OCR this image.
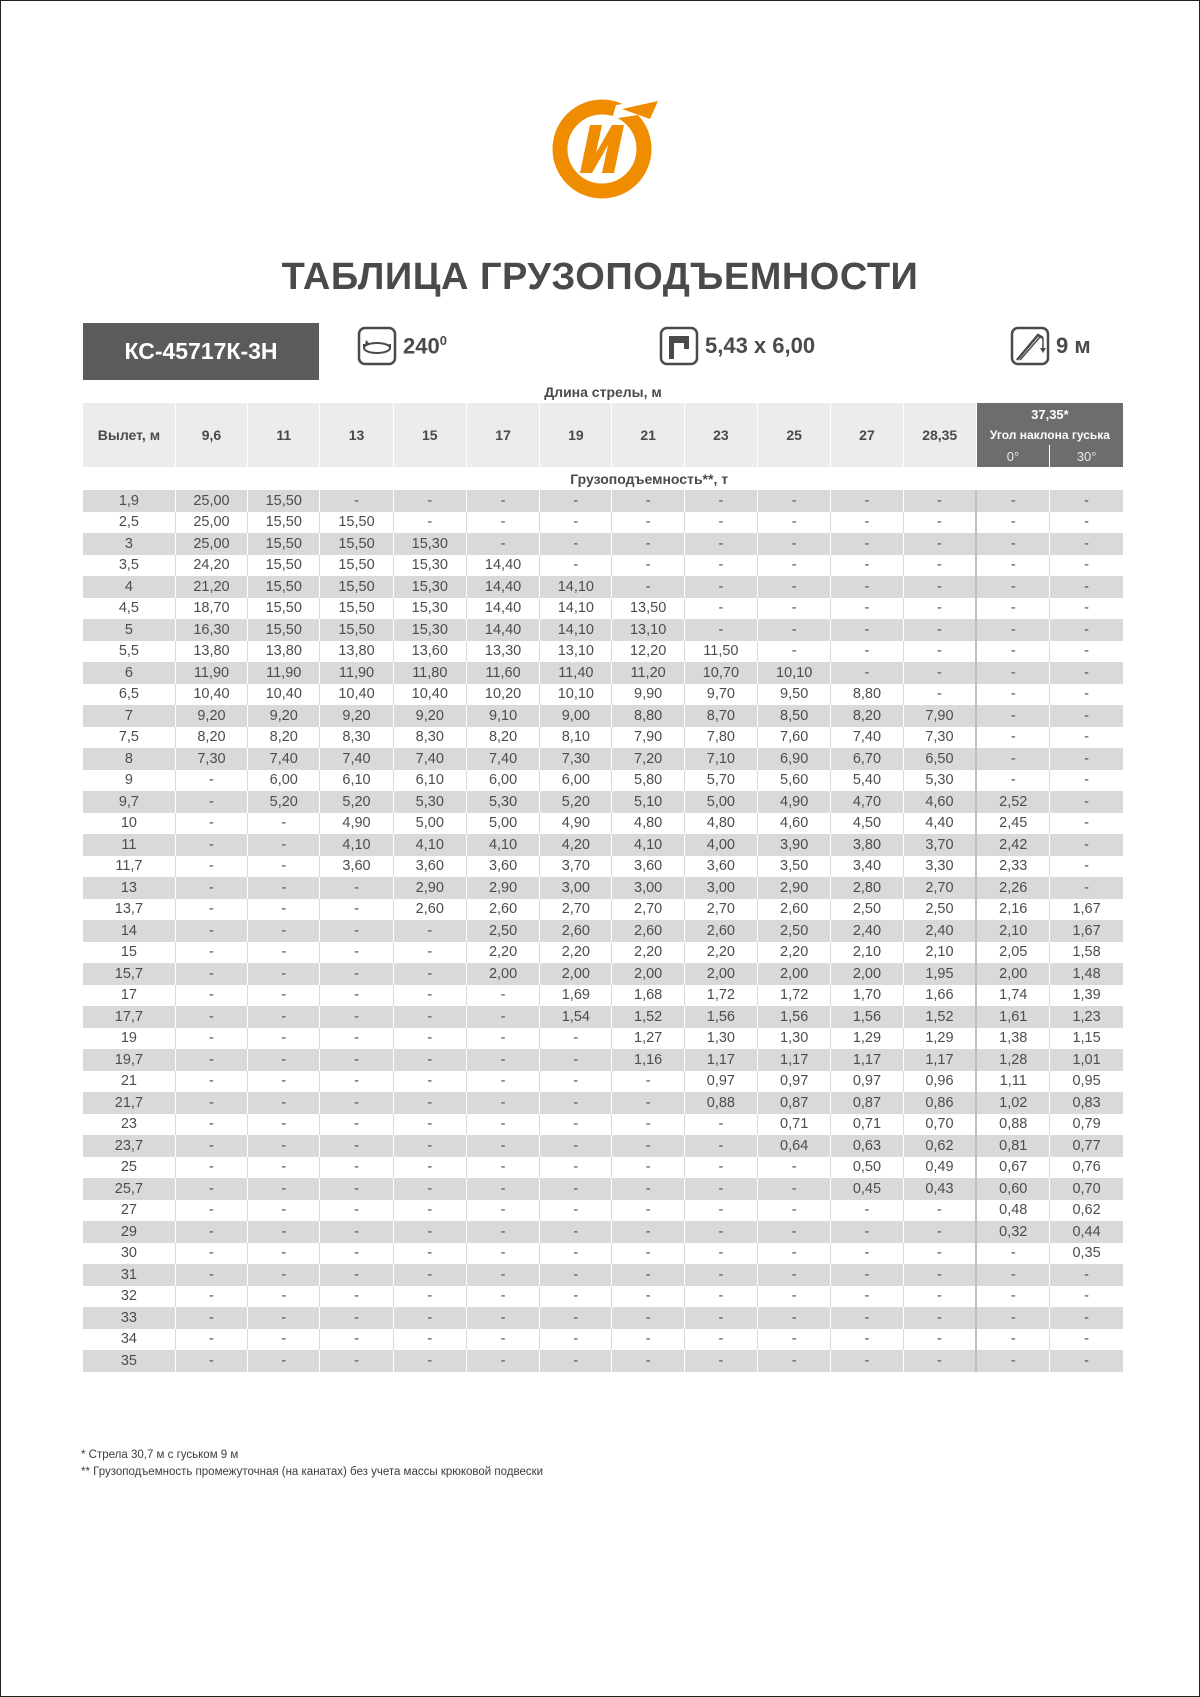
ТАБЛИЦА ГРУЗОПОДЪЕМНОСТИ
КС-45717К-3Н	$240^0$	5,43 х 6,00	9 м
Длина стрелы, м
Вылет, м	9,6	11	13	15	17	19	21	23	25	27	28,35	37,35*	
												Угол наклона гуська	
												0°	30°
	Грузоподъемность**, т												
1,9	25,00	15,50	-	-	-	-	-	-	-	-	-	-	-
2,5	25,00	15,50	15,50	-	-	-	-	-	-	-	-	-	-
3	25,00	15,50	15,50	15,30	-	-	-	-	-	-	-	-	-
3,5	24,20	15,50	15,50	15,30	14,40	-	-	-	-	-	-	-	-
4	21,20	15,50	15,50	15,30	14,40	14,10	-	-	-	-	-	-	-
4,5	18,70	15,50	15,50	15,30	14,40	14,10	13,50	-	-	-	-	-	-
5	16,30	15,50	15,50	15,30	14,40	14,10	13,10	-	-	-	-	-	-
5,5	13,80	13,80	13,80	13,60	13,30	13,10	12,20	11,50	-	-	-	-	-
6	11,90	11,90	11,90	11,80	11,60	11,40	11,20	10,70	10,10	-	-	-	-
6,5	10,40	10,40	10,40	10,40	10,20	10,10	9,90	9,70	9,50	8,80	-	-	-
7	9,20	9,20	9,20	9,20	9,10	9,00	8,80	8,70	8,50	8,20	7,90	-	-
7,5	8,20	8,20	8,30	8,30	8,20	8,10	7,90	7,80	7,60	7,40	7,30	-	-
8	7,30	7,40	7,40	7,40	7,40	7,30	7,20	7,10	6,90	6,70	6,50	-	-
9	-	6,00	6,10	6,10	6,00	6,00	5,80	5,70	5,60	5,40	5,30	-	-
9,7	-	5,20	5,20	5,30	5,30	5,20	5,10	5,00	4,90	4,70	4,60	2,52	-
10	-	-	4,90	5,00	5,00	4,90	4,80	4,80	4,60	4,50	4,40	2,45	-
11	-	-	4,10	4,10	4,10	4,20	4,10	4,00	3,90	3,80	3,70	2,42	-
11,7	-	-	3,60	3,60	3,60	3,70	3,60	3,60	3,50	3,40	3,30	2,33	-
13	-	-	-	2,90	2,90	3,00	3,00	3,00	2,90	2,80	2,70	2,26	-
13,7	-	-	-	2,60	2,60	2,70	2,70	2,70	2,60	2,50	2,50	2,16	1,67
14	-	-	-	-	2,50	2,60	2,60	2,60	2,50	2,40	2,40	2,10	1,67
15	-	-	-	-	2,20	2,20	2,20	2,20	2,20	2,10	2,10	2,05	1,58
15,7	-	-	-	-	2,00	2,00	2,00	2,00	2,00	2,00	1,95	2,00	1,48
17	-	-	-	-	-	1,69	1,68	1,72	1,72	1,70	1,66	1,74	1,39
17,7	-	-	-	-	-	1,54	1,52	1,56	1,56	1,56	1,52	1,61	1,23
19	-	-	-	-	-	-	1,27	1,30	1,30	1,29	1,29	1,38	1,15
19,7	-	-	-	-	-	-	1,16	1,17	1,17	1,17	1,17	1,28	1,01
21	-	-	-	-	-	-	-	0,97	0,97	0,97	0,96	1,11	0,95
21,7	-	-	-	-	-	-	-	0,88	0,87	0,87	0,86	1,02	0,83
23	-	-	-	-	-	-	-	-	0,71	0,71	0,70	0,88	0,79
23,7	-	-	-	-	-	-	-	-	0,64	0,63	0,62	0,81	0,77
25	-	-	-	-	-	-	-	-	-	0,50	0,49	0,67	0,76
25,7	-	-	-	-	-	-	-	-	-	0,45	0,43	0,60	0,70
27	-	-	-	-	-	-	-	-	-	-	-	0,48	0,62
29	-	-	-	-	-	-	-	-	-	-	-	0,32	0,44
30	-	-	-	-	-	-	-	-	-	-	-	-	0,35
31	-	-	-	-	-	-	-	-	-	-	-	-	-
32	-	-	-	-	-	-	-	-	-	-	-	-	-
33	-	-	-	-	-	-	-	-	-	-	-	-	-
34	-	-	-	-	-	-	-	-	-	-	-	-	-
35	-	-	-	-	-	-	-	-	-	-	-	-	-
* Стрела 30,7 м с гуськом 9 м
** Грузоподъемность промежуточная (на канатах) без учета массы крюковой подвески
